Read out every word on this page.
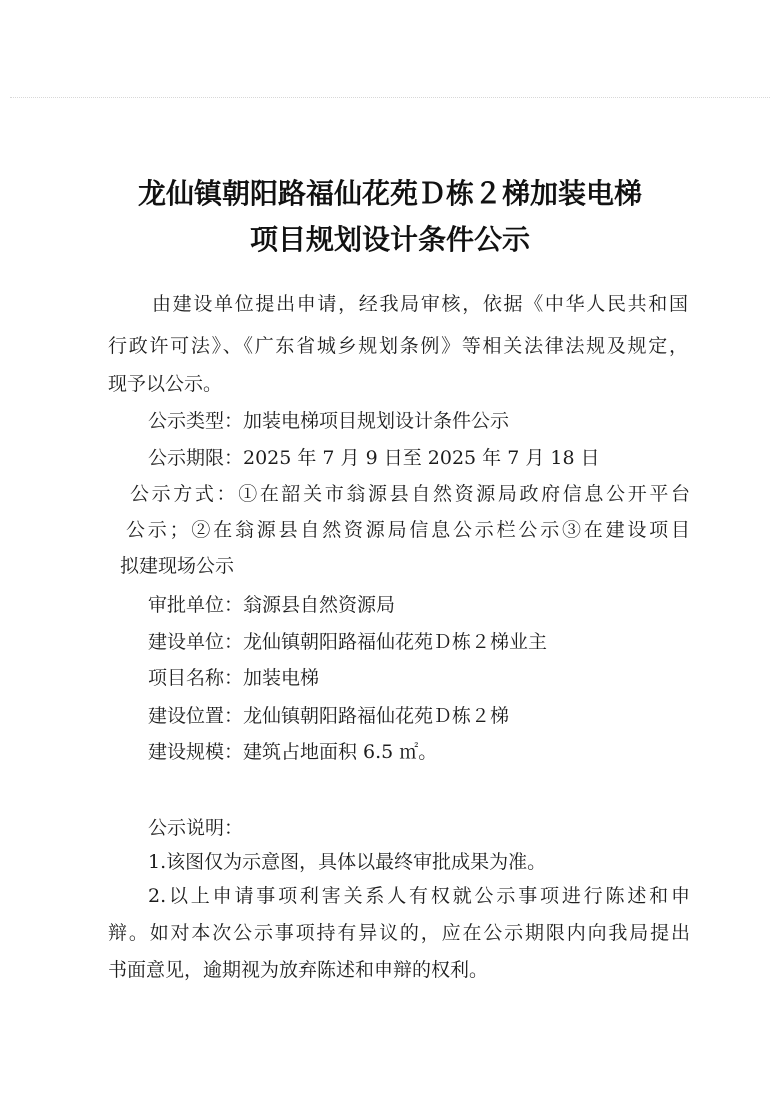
龙仙镇朝阳路福仙花苑Ｄ栋２梯加装电梯
项目规划设计条件公示
由建设单位提出申请，经我局审核，依据《中华人民共和国
行政许可法》、《广东省城乡规划条例》等相关法律法规及规定，
现予以公示。
公示类型：加装电梯项目规划设计条件公示
公示期限：2025 年 7 月 9 日至 2025 年 7 月 18 日
公示方式：①在韶关市翁源县自然资源局政府信息公开平台
公示；②在翁源县自然资源局信息公示栏公示③在建设项目
拟建现场公示
审批单位：翁源县自然资源局
建设单位：龙仙镇朝阳路福仙花苑Ｄ栋２梯业主
项目名称：加装电梯
建设位置：龙仙镇朝阳路福仙花苑Ｄ栋２梯
建设规模：建筑占地面积 6.5 ㎡。
公示说明：
1.该图仅为示意图，具体以最终审批成果为准。
2.以上申请事项利害关系人有权就公示事项进行陈述和申
辩。如对本次公示事项持有异议的，应在公示期限内向我局提出
书面意见，逾期视为放弃陈述和申辩的权利。
